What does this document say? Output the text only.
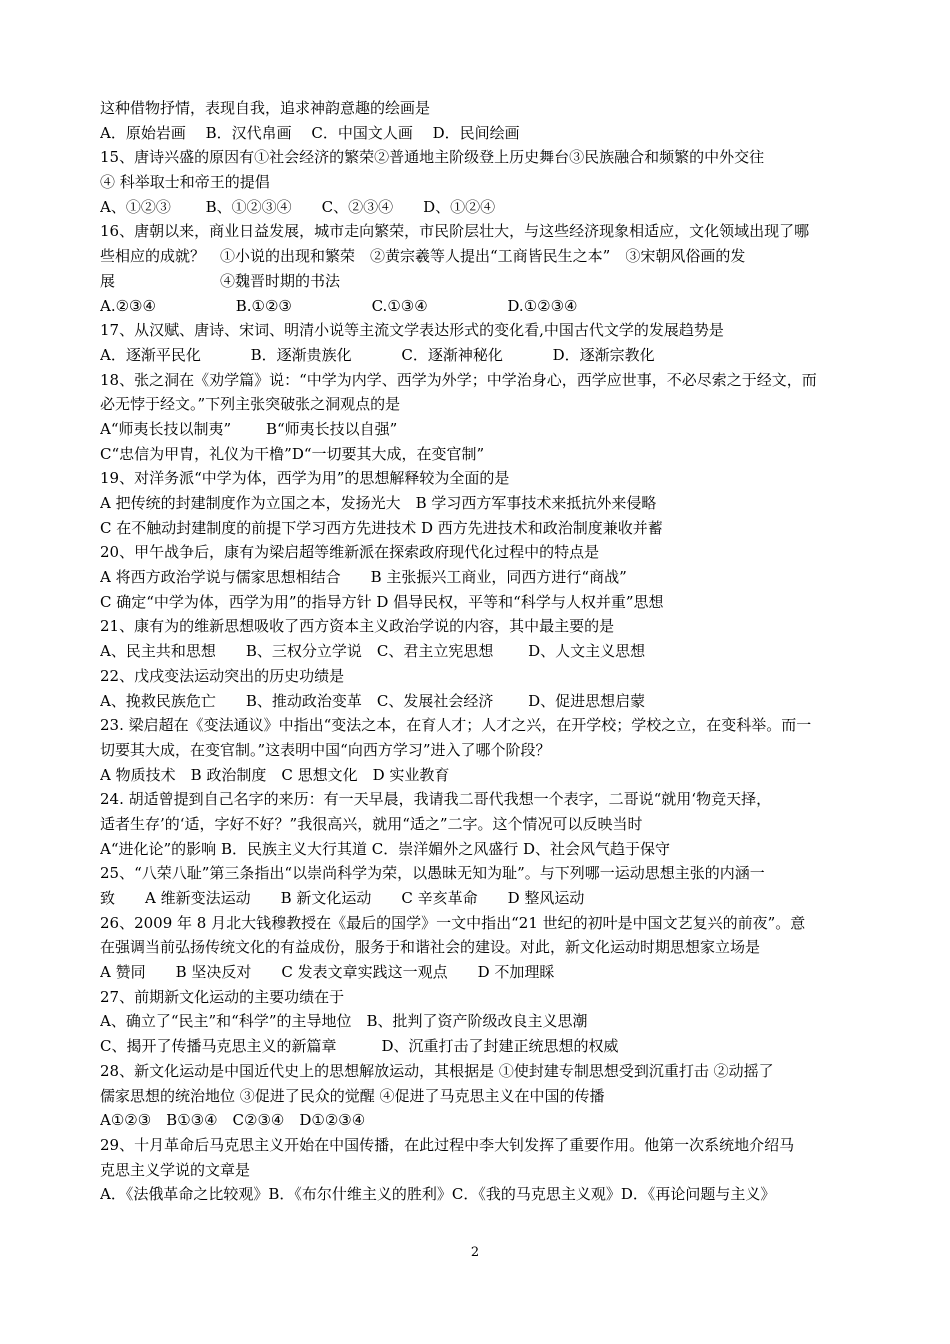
这种借物抒情，表现自我，追求神韵意趣的绘画是
A．原始岩画　 B．汉代帛画　 C．中国文人画　 D．民间绘画
15、唐诗兴盛的原因有①社会经济的繁荣②普通地主阶级登上历史舞台③民族融合和频繁的中外交往
④ 科举取士和帝王的提倡
A、①②③　　 B、①②③④　　C、②③④　　D、①②④
16、唐朝以来，商业日益发展，城市走向繁荣，市民阶层壮大，与这些经济现象相适应，文化领域出现了哪
些相应的成就？　①小说的出现和繁荣　②黄宗羲等人提出“工商皆民生之本”　③宋朝风俗画的发
展　　　　　　　④魏晋时期的书法
A.②③④　　　　　 B.①②③　　　　　 C.①③④　　　　　 D.①②③④
17、从汉赋、唐诗、宋词、明清小说等主流文学表达形式的变化看,中国古代文学的发展趋势是
A．逐渐平民化　　　 B．逐渐贵族化　　　 C．逐渐神秘化　　　 D．逐渐宗教化
18、张之洞在《劝学篇》说：“中学为内学、西学为外学；中学治身心，西学应世事，不必尽索之于经文，而
必无悖于经文。”下列主张突破张之洞观点的是
A“师夷长技以制夷”　　 B“师夷长技以自强”
C“忠信为甲胄，礼仪为干橹”D“一切要其大成，在变官制”
19、对洋务派“中学为体，西学为用”的思想解释较为全面的是
A 把传统的封建制度作为立国之本，发扬光大　B 学习西方军事技术来抵抗外来侵略
C 在不触动封建制度的前提下学习西方先进技术 D 西方先进技术和政治制度兼收并蓄
20、甲午战争后，康有为梁启超等维新派在探索政府现代化过程中的特点是
A 将西方政治学说与儒家思想相结合　　B 主张振兴工商业，同西方进行“商战”
C 确定“中学为体，西学为用”的指导方针 D 倡导民权，平等和“科学与人权并重”思想
21、康有为的维新思想吸收了西方资本主义政治学说的内容，其中最主要的是
A、民主共和思想　　B、三权分立学说　C、君主立宪思想　　 D、人文主义思想
22、戊戌变法运动突出的历史功绩是
A、挽救民族危亡　　B、推动政治变革　C、发展社会经济　　 D、促进思想启蒙
23. 梁启超在《变法通议》中指出“变法之本，在育人才；人才之兴，在开学校；学校之立，在变科举。而一
切要其大成，在变官制。”这表明中国“向西方学习”进入了哪个阶段？
A 物质技术　B 政治制度　C 思想文化　D 实业教育
24. 胡适曾提到自己名字的来历：有一天早晨，我请我二哥代我想一个表字，二哥说“就用‘物竞天择，
适者生存’的‘适，字好不好？”我很高兴，就用“适之”二字。这个情况可以反映当时
A“进化论”的影响 B．民族主义大行其道 C．崇洋媚外之风盛行 D、社会风气趋于保守
25、“八荣八耻”第三条指出“以崇尚科学为荣，以愚昧无知为耻”。与下列哪一运动思想主张的内涵一
致　　A 维新变法运动　　B 新文化运动　　C 辛亥革命　　D 整风运动
26、2009 年 8 月北大钱穆教授在《最后的国学》一文中指出“21 世纪的初叶是中国文艺复兴的前夜”。意
在强调当前弘扬传统文化的有益成份，服务于和谐社会的建设。对此，新文化运动时期思想家立场是
A 赞同　　B 坚决反对　　C 发表文章实践这一观点　　D 不加理睬
27、前期新文化运动的主要功绩在于
A、确立了“民主”和“科学”的主导地位　B、批判了资产阶级改良主义思潮
C、揭开了传播马克思主义的新篇章　　　D、沉重打击了封建正统思想的权威
28、新文化运动是中国近代史上的思想解放运动，其根据是 ①使封建专制思想受到沉重打击 ②动摇了
儒家思想的统治地位 ③促进了民众的觉醒 ④促进了马克思主义在中国的传播
A①②③　B①③④　C②③④　D①②③④
29、十月革命后马克思主义开始在中国传播，在此过程中李大钊发挥了重要作用。他第一次系统地介绍马
克思主义学说的文章是
A．《法俄革命之比较观》B．《布尔什维主义的胜利》C．《我的马克思主义观》D．《再论问题与主义》
2
